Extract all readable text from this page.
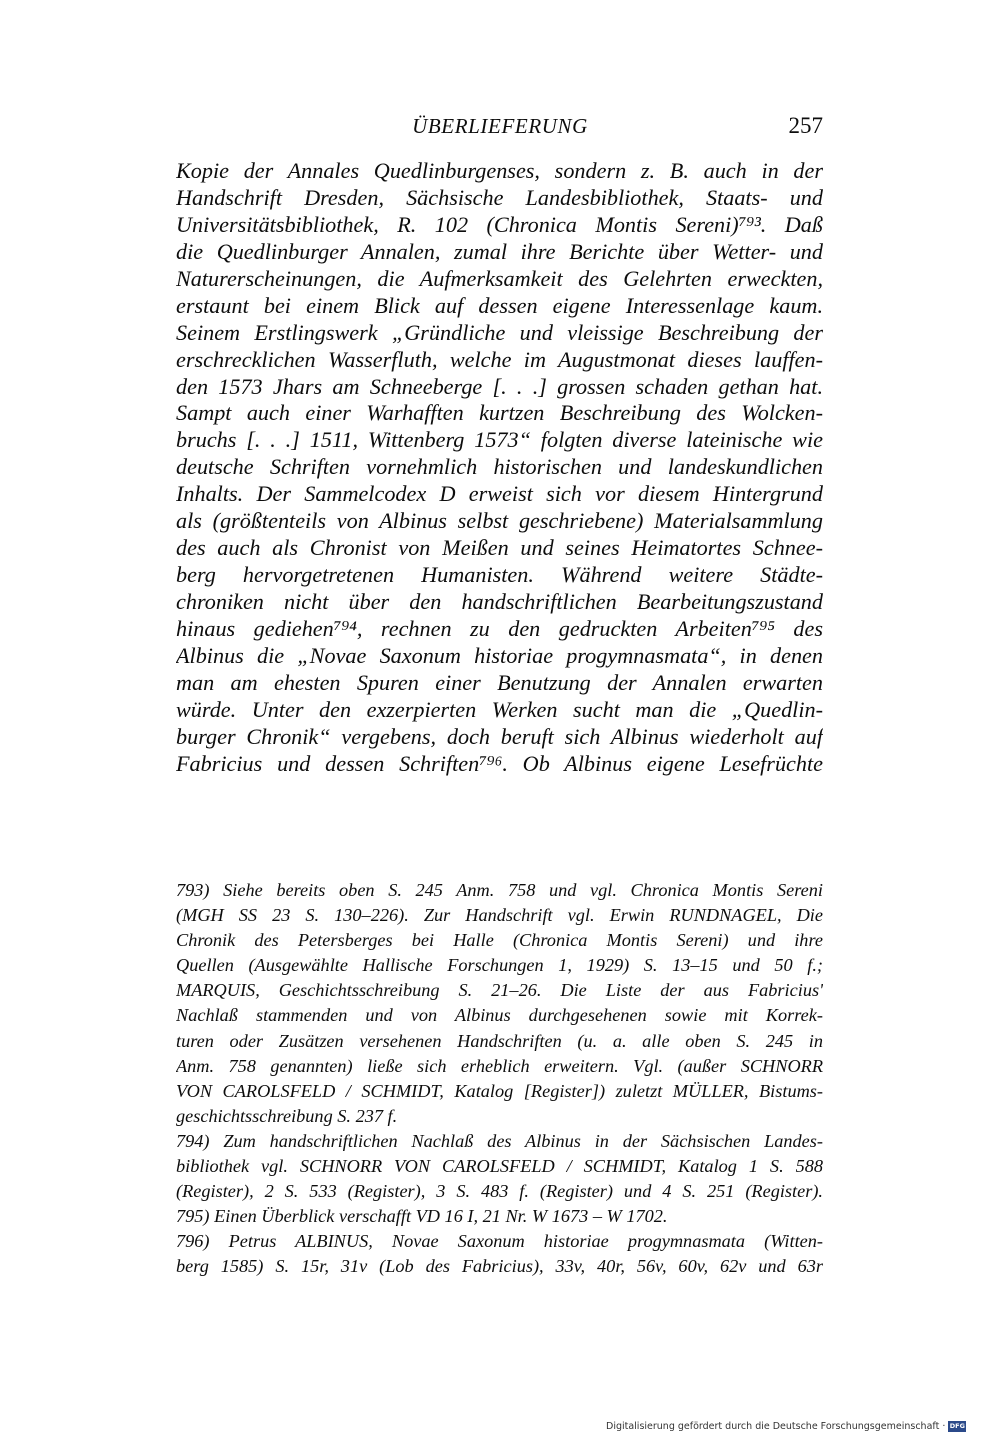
ÜBERLIEFERUNG	257
Kopie der Annales Quedlinburgenses, sondern z. B. auch in der
Handschrift Dresden, Sächsische Landesbibliothek, Staats- und
Universitätsbibliothek, R. 102 (Chronica Montis Sereni)⁷⁹³. Daß
die Quedlinburger Annalen, zumal ihre Berichte über Wetter- und
Naturerscheinungen, die Aufmerksamkeit des Gelehrten erweckten,
erstaunt bei einem Blick auf dessen eigene Interessenlage kaum.
Seinem Erstlingswerk „Gründliche und vleissige Beschreibung der
erschrecklichen Wasserfluth, welche im Augustmonat dieses lauffen-
den 1573 Jhars am Schneeberge [. . .] grossen schaden gethan hat.
Sampt auch einer Warhafften kurtzen Beschreibung des Wolcken-
bruchs [. . .] 1511, Wittenberg 1573“ folgten diverse lateinische wie
deutsche Schriften vornehmlich historischen und landeskundlichen
Inhalts. Der Sammelcodex D erweist sich vor diesem Hintergrund
als (größtenteils von Albinus selbst geschriebene) Materialsammlung
des auch als Chronist von Meißen und seines Heimatortes Schnee-
berg hervorgetretenen Humanisten. Während weitere Städte-
chroniken nicht über den handschriftlichen Bearbeitungszustand
hinaus gediehen⁷⁹⁴, rechnen zu den gedruckten Arbeiten⁷⁹⁵ des
Albinus die „Novae Saxonum historiae progymnasmata“, in denen
man am ehesten Spuren einer Benutzung der Annalen erwarten
würde. Unter den exzerpierten Werken sucht man die „Quedlin-
burger Chronik“ vergebens, doch beruft sich Albinus wiederholt auf
Fabricius und dessen Schriften⁷⁹⁶. Ob Albinus eigene Lesefrüchte
793) Siehe bereits oben S. 245 Anm. 758 und vgl. Chronica Montis Sereni
(MGH SS 23 S. 130–226). Zur Handschrift vgl. Erwin RUNDNAGEL, Die
Chronik des Petersberges bei Halle (Chronica Montis Sereni) und ihre
Quellen (Ausgewählte Hallische Forschungen 1, 1929) S. 13–15 und 50 f.;
MARQUIS, Geschichtsschreibung S. 21–26. Die Liste der aus Fabricius'
Nachlaß stammenden und von Albinus durchgesehenen sowie mit Korrek-
turen oder Zusätzen versehenen Handschriften (u. a. alle oben S. 245 in
Anm. 758 genannten) ließe sich erheblich erweitern. Vgl. (außer SCHNORR
VON CAROLSFELD / SCHMIDT, Katalog [Register]) zuletzt MÜLLER, Bistums-
geschichtsschreibung S. 237 f.
794) Zum handschriftlichen Nachlaß des Albinus in der Sächsischen Landes-
bibliothek vgl. SCHNORR VON CAROLSFELD / SCHMIDT, Katalog 1 S. 588
(Register), 2 S. 533 (Register), 3 S. 483 f. (Register) und 4 S. 251 (Register).
795) Einen Überblick verschafft VD 16 I, 21 Nr. W 1673 – W 1702.
796) Petrus ALBINUS, Novae Saxonum historiae progymnasmata (Witten-
berg 1585) S. 15r, 31v (Lob des Fabricius), 33v, 40r, 56v, 60v, 62v und 63r
Digitalisierung gefördert durch die Deutsche Forschungsgemeinschaft · DFG
